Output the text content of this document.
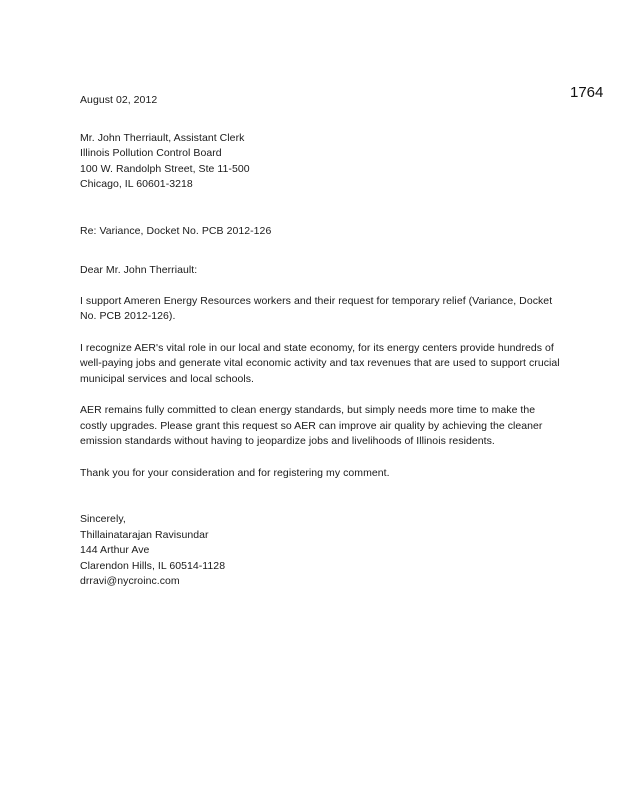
1764

August 02, 2012

Mr. John Therriault, Assistant Clerk

Illinois Pollution Control Board

100 W. Randolph Street, Ste 11-500

Chicago, IL 60601-3218

Re: Variance, Docket No. PCB 2012-126

Dear Mr. John Therriault:

I support Ameren Energy Resources workers and their request for temporary relief (Variance, Docket No. PCB 2012-126).

I recognize AER's vital role in our local and state economy, for its energy centers provide hundreds of well-paying jobs and generate vital economic activity and tax revenues that are used to support crucial municipal services and local schools.

AER remains fully committed to clean energy standards, but simply needs more time to make the costly upgrades. Please grant this request so AER can improve air quality by achieving the cleaner emission standards without having to jeopardize jobs and livelihoods of Illinois residents.

Thank you for your consideration and for registering my comment.

Sincerely,

Thillainatarajan Ravisundar

144 Arthur Ave

Clarendon Hills, IL 60514-1128

drravi@nycroinc.com
